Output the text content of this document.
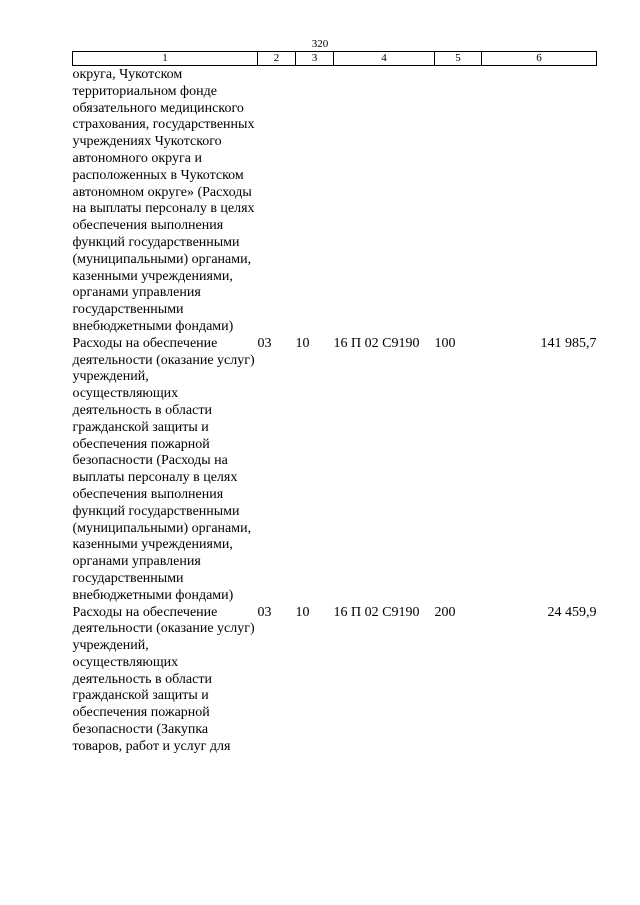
320
1	2	3	4	5	6
округа, Чукотском территориальном фонде обязательного медицинского страхования, государственных учреждениях Чукотского автономного округа и расположенных в Чукотском автономном округе» (Расходы на выплаты персоналу в целях обеспечения выполнения функций государственными (муниципальными) органами, казенными учреждениями, органами управления государственными внебюджетными фондами)					
Расходы на обеспечение деятельности (оказание услуг) учреждений, осуществляющих деятельность в области гражданской защиты и обеспечения пожарной безопасности (Расходы на выплаты персоналу в целях обеспечения выполнения функций государственными (муниципальными) органами, казенными учреждениями, органами управления государственными внебюджетными фондами)	03	10	16 П 02 С9190	100	141 985,7
Расходы на обеспечение деятельности (оказание услуг) учреждений, осуществляющих деятельность в области гражданской защиты и обеспечения пожарной безопасности (Закупка товаров, работ и услуг для	03	10	16 П 02 С9190	200	24 459,9
